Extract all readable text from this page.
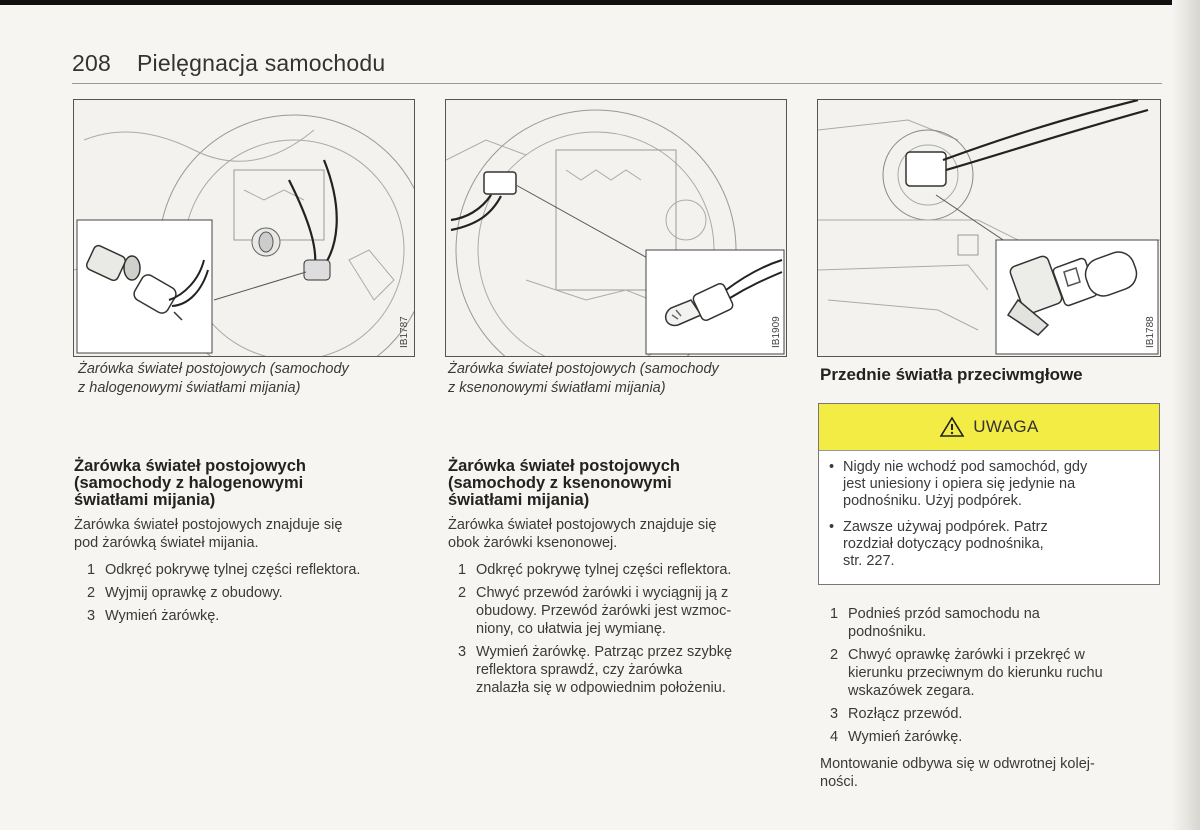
208 Pielęgnacja samochodu
IB1787	IB1909	IB1788
Żarówka świateł postojowych (samochody
z halogenowymi światłami mijania)
Żarówka świateł postojowych (samochody
z ksenonowymi światłami mijania)
Żarówka świateł postojowych
(samochody z halogenowymi
światłami mijania)
Żarówka świateł postojowych znajduje się
pod żarówką świateł mijania.
1 Odkręć pokrywę tylnej części reflektora.
2 Wyjmij oprawkę z obudowy.
3 Wymień żarówkę.
Żarówka świateł postojowych
(samochody z ksenonowymi
światłami mijania)
Żarówka świateł postojowych znajduje się
obok żarówki ksenonowej.
1 Odkręć pokrywę tylnej części reflektora.
2 Chwyć przewód żarówki i wyciągnij ją z
obudowy. Przewód żarówki jest wzmoc-
niony, co ułatwia jej wymianę.
3 Wymień żarówkę. Patrząc przez szybkę
reflektora sprawdź, czy żarówka
znalazła się w odpowiednim położeniu.
Przednie światła przeciwmgłowe
UWAGA
• Nigdy nie wchodź pod samochód, gdy
jest uniesiony i opiera się jedynie na
podnośniku. Użyj podpórek.
• Zawsze używaj podpórek. Patrz
rozdział dotyczący podnośnika,
str. 227.
1 Podnieś przód samochodu na
podnośniku.
2 Chwyć oprawkę żarówki i przekręć w
kierunku przeciwnym do kierunku ruchu
wskazówek zegara.
3 Rozłącz przewód.
4 Wymień żarówkę.
Montowanie odbywa się w odwrotnej kolej-
ności.
